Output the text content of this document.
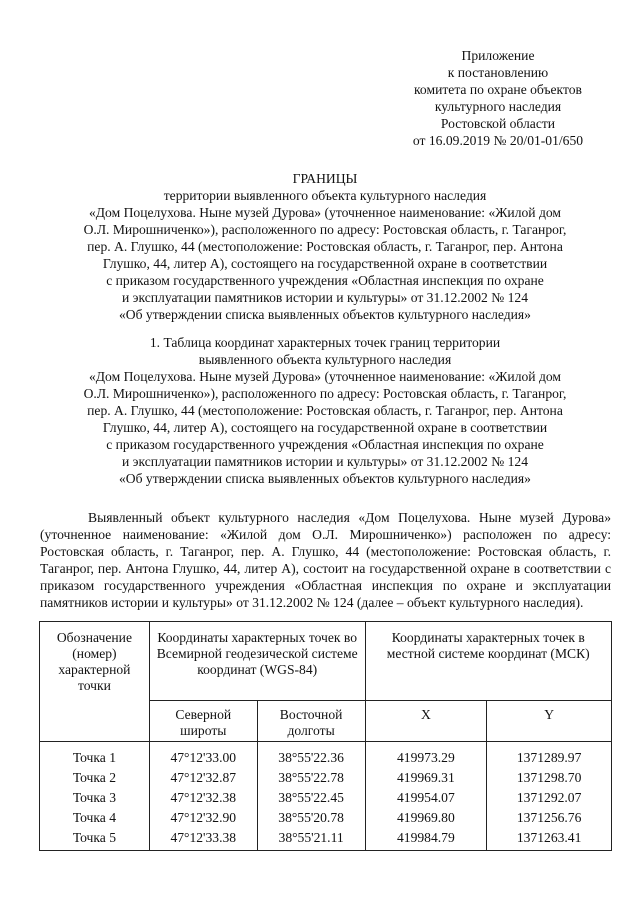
Приложение
к постановлению
комитета по охране объектов
культурного наследия
Ростовской области
от 16.09.2019 № 20/01-01/650
ГРАНИЦЫ
территории выявленного объекта культурного наследия
«Дом Поцелухова. Ныне музей Дурова» (уточненное наименование: «Жилой дом
О.Л. Мирошниченко»), расположенного по адресу: Ростовская область, г. Таганрог,
пер. А. Глушко, 44 (местоположение: Ростовская область, г. Таганрог, пер. Антона
Глушко, 44, литер А), состоящего на государственной охране в соответствии
с приказом государственного учреждения «Областная инспекция по охране
и эксплуатации памятников истории и культуры» от 31.12.2002 № 124
«Об утверждении списка выявленных объектов культурного наследия»
1. Таблица координат характерных точек границ территории
выявленного объекта культурного наследия
«Дом Поцелухова. Ныне музей Дурова» (уточненное наименование: «Жилой дом
О.Л. Мирошниченко»), расположенного по адресу: Ростовская область, г. Таганрог,
пер. А. Глушко, 44 (местоположение: Ростовская область, г. Таганрог, пер. Антона
Глушко, 44, литер А), состоящего на государственной охране в соответствии
с приказом государственного учреждения «Областная инспекция по охране
и эксплуатации памятников истории и культуры» от 31.12.2002 № 124
«Об утверждении списка выявленных объектов культурного наследия»

Выявленный объект культурного наследия «Дом Поцелухова. Ныне музей Дурова» (уточненное наименование: «Жилой дом О.Л. Мирошниченко») расположен по адресу: Ростовская область, г. Таганрог, пер. А. Глушко, 44 (местоположение: Ростовская область, г. Таганрог, пер. Антона Глушко, 44, литер А), состоит на государственной охране в соответствии с приказом государственного учреждения «Областная инспекция по охране и эксплуатации памятников истории и культуры» от 31.12.2002 № 124 (далее – объект культурного наследия).

Обозначение (номер) характерной точки	Координаты характерных точек во Всемирной геодезической системе координат (WGS-84)		Координаты характерных точек в местной системе координат (МСК)	
	Северной широты	Восточной долготы	X	Y
Точка 1	47°12'33.00	38°55'22.36	419973.29	1371289.97
Точка 2	47°12'32.87	38°55'22.78	419969.31	1371298.70
Точка 3	47°12'32.38	38°55'22.45	419954.07	1371292.07
Точка 4	47°12'32.90	38°55'20.78	419969.80	1371256.76
Точка 5	47°12'33.38	38°55'21.11	419984.79	1371263.41
